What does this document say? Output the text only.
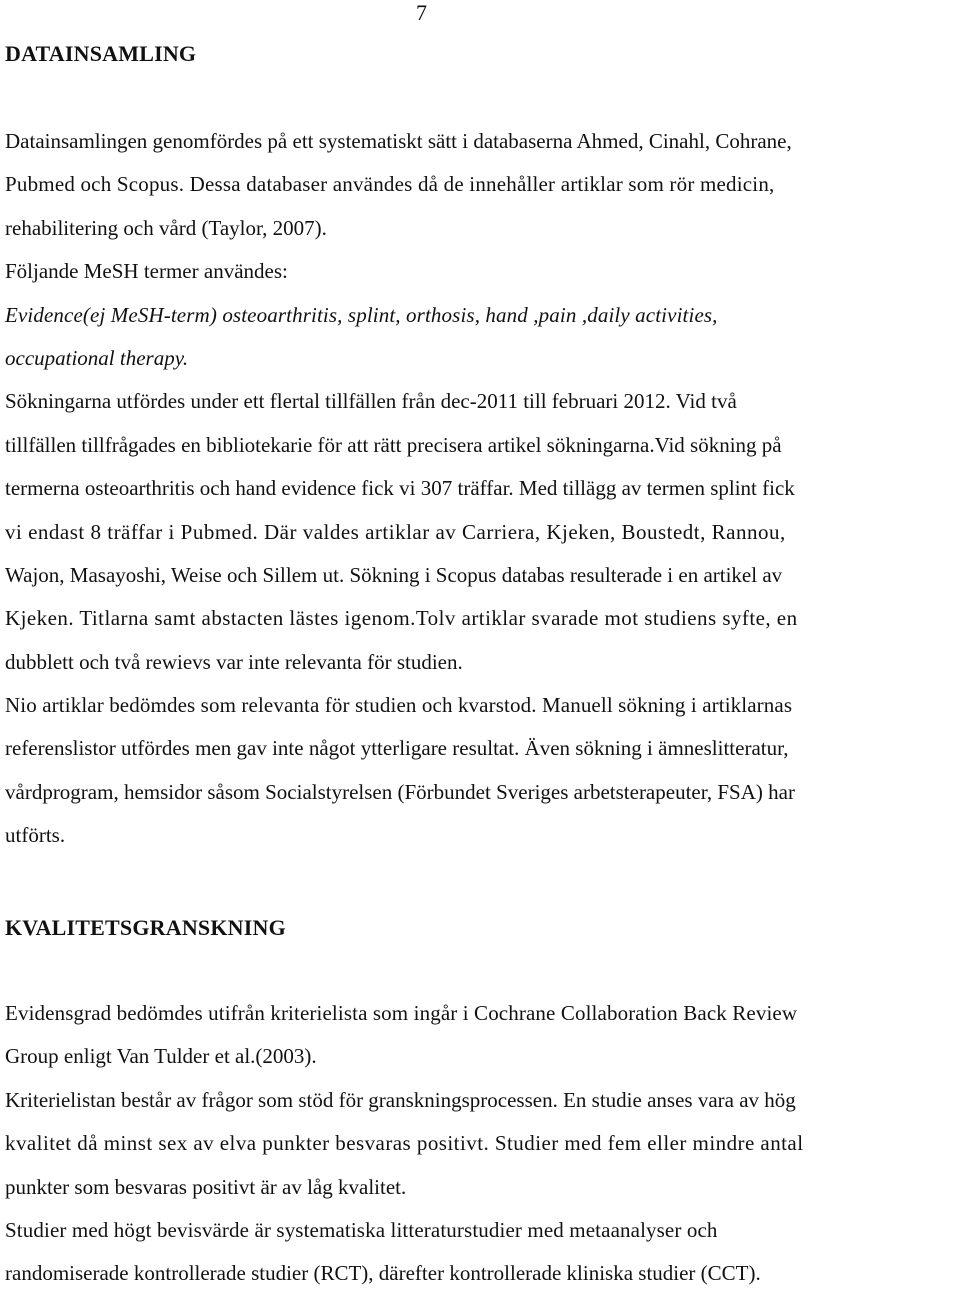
7
DATAINSAMLING
Datainsamlingen genomfördes på ett systematiskt sätt i databaserna Ahmed, Cinahl, Cohrane,
Pubmed och Scopus. Dessa databaser användes då de innehåller artiklar som rör medicin,
rehabilitering och vård (Taylor, 2007).
Följande MeSH termer användes:
Evidence(ej MeSH-term) osteoarthritis, splint, orthosis, hand ,pain ,daily activities,
occupational therapy.
Sökningarna utfördes under ett flertal tillfällen från dec-2011 till februari 2012. Vid två
tillfällen tillfrågades en bibliotekarie för att rätt precisera artikel sökningarna.Vid sökning på
termerna osteoarthritis och hand evidence fick vi 307 träffar. Med tillägg av termen splint fick
vi endast 8 träffar i Pubmed. Där valdes artiklar av Carriera, Kjeken, Boustedt, Rannou,
Wajon, Masayoshi, Weise och Sillem ut. Sökning i Scopus databas resulterade i en artikel av
Kjeken. Titlarna samt abstacten lästes igenom.Tolv artiklar svarade mot studiens syfte, en
dubblett och två rewievs var inte relevanta för studien.
Nio artiklar bedömdes som relevanta för studien och kvarstod. Manuell sökning i artiklarnas
referenslistor utfördes men gav inte något ytterligare resultat. Även sökning i ämneslitteratur,
vårdprogram, hemsidor såsom Socialstyrelsen (Förbundet Sveriges arbetsterapeuter, FSA) har
utförts.
KVALITETSGRANSKNING
Evidensgrad bedömdes utifrån kriterielista som ingår i Cochrane Collaboration Back Review
Group enligt Van Tulder et al.(2003).
Kriterielistan består av frågor som stöd för granskningsprocessen. En studie anses vara av hög
kvalitet då minst sex av elva punkter besvaras positivt. Studier med fem eller mindre antal
punkter som besvaras positivt är av låg kvalitet.
Studier med högt bevisvärde är systematiska litteraturstudier med metaanalyser och
randomiserade kontrollerade studier (RCT), därefter kontrollerade kliniska studier (CCT).
